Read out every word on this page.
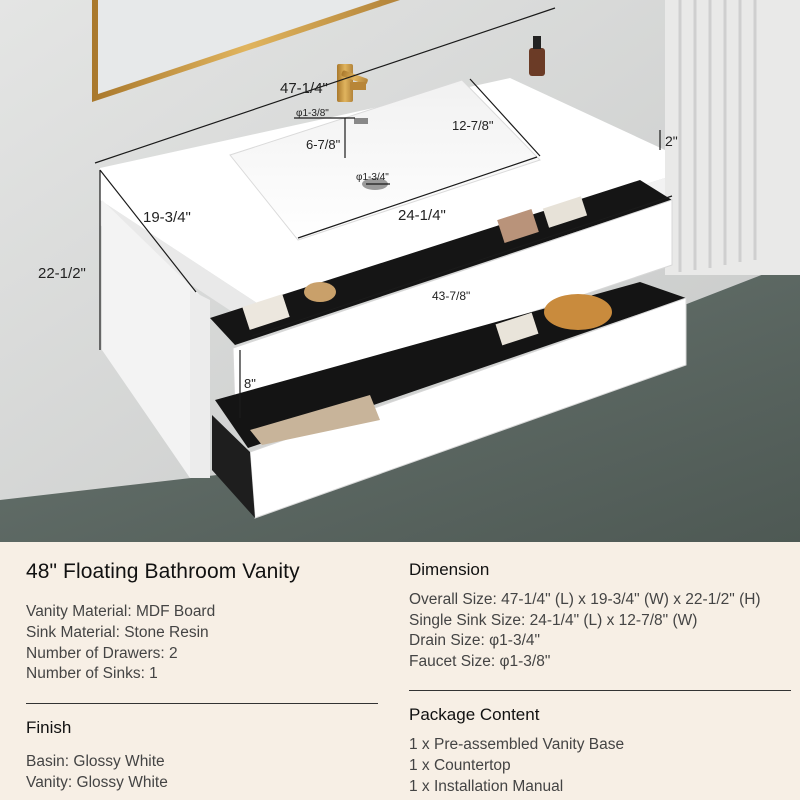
47-1/4"
φ1-3/8"
12-7/8"
6-7/8"	2"
φ1-3/4"
19-3/4"	24-1/4"
22-1/2"
43-7/8"
8"
48" Floating Bathroom Vanity
Vanity Material: MDF Board
Sink Material: Stone Resin
Number of Drawers: 2
Number of Sinks: 1
Finish
Basin: Glossy White
Vanity: Glossy White
Dimension
Overall Size: 47-1/4" (L) x 19-3/4" (W) x 22-1/2" (H)
Single Sink Size: 24-1/4" (L) x 12-7/8" (W)
Drain Size: φ1-3/4"
Faucet Size: φ1-3/8"
Package Content
1 x Pre-assembled Vanity Base
1 x Countertop
1 x Installation Manual
